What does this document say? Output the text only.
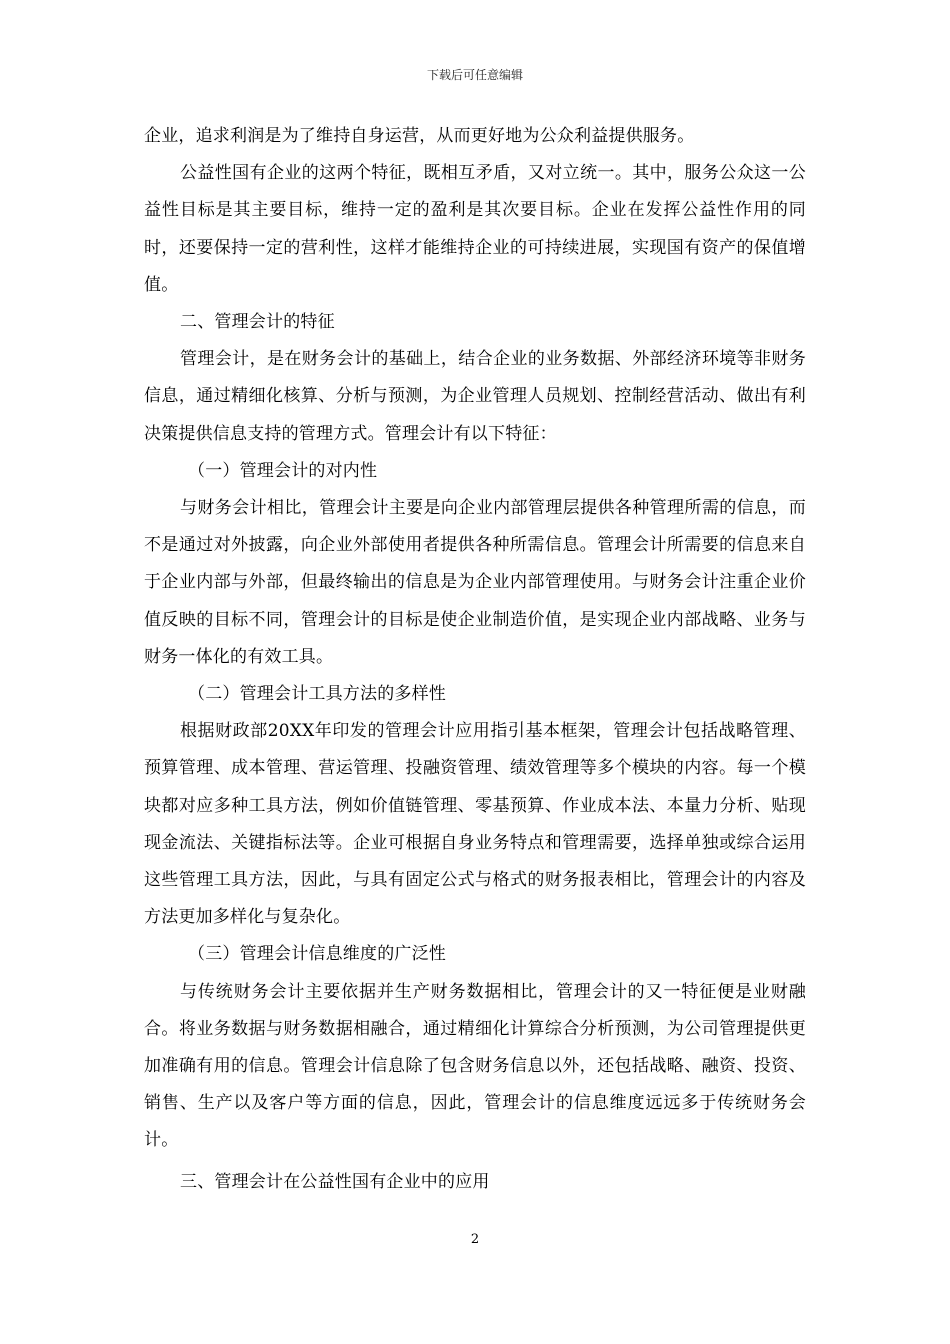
下载后可任意编辑

企业，追求利润是为了维持自身运营，从而更好地为公众利益提供服务。

公益性国有企业的这两个特征，既相互矛盾，又对立统一。其中，服务公众这一公益性目标是其主要目标，维持一定的盈利是其次要目标。企业在发挥公益性作用的同时，还要保持一定的营利性，这样才能维持企业的可持续进展，实现国有资产的保值增值。

二、管理会计的特征

管理会计，是在财务会计的基础上，结合企业的业务数据、外部经济环境等非财务信息，通过精细化核算、分析与预测，为企业管理人员规划、控制经营活动、做出有利决策提供信息支持的管理方式。管理会计有以下特征：

（一）管理会计的对内性

与财务会计相比，管理会计主要是向企业内部管理层提供各种管理所需的信息，而不是通过对外披露，向企业外部使用者提供各种所需信息。管理会计所需要的信息来自于企业内部与外部，但最终输出的信息是为企业内部管理使用。与财务会计注重企业价值反映的目标不同，管理会计的目标是使企业制造价值，是实现企业内部战略、业务与财务一体化的有效工具。

（二）管理会计工具方法的多样性

根据财政部20XX年印发的管理会计应用指引基本框架，管理会计包括战略管理、预算管理、成本管理、营运管理、投融资管理、绩效管理等多个模块的内容。每一个模块都对应多种工具方法，例如价值链管理、零基预算、作业成本法、本量力分析、贴现现金流法、关键指标法等。企业可根据自身业务特点和管理需要，选择单独或综合运用这些管理工具方法，因此，与具有固定公式与格式的财务报表相比，管理会计的内容及方法更加多样化与复杂化。

（三）管理会计信息维度的广泛性

与传统财务会计主要依据并生产财务数据相比，管理会计的又一特征便是业财融合。将业务数据与财务数据相融合，通过精细化计算综合分析预测，为公司管理提供更加准确有用的信息。管理会计信息除了包含财务信息以外，还包括战略、融资、投资、销售、生产以及客户等方面的信息，因此，管理会计的信息维度远远多于传统财务会计。

三、管理会计在公益性国有企业中的应用

2
